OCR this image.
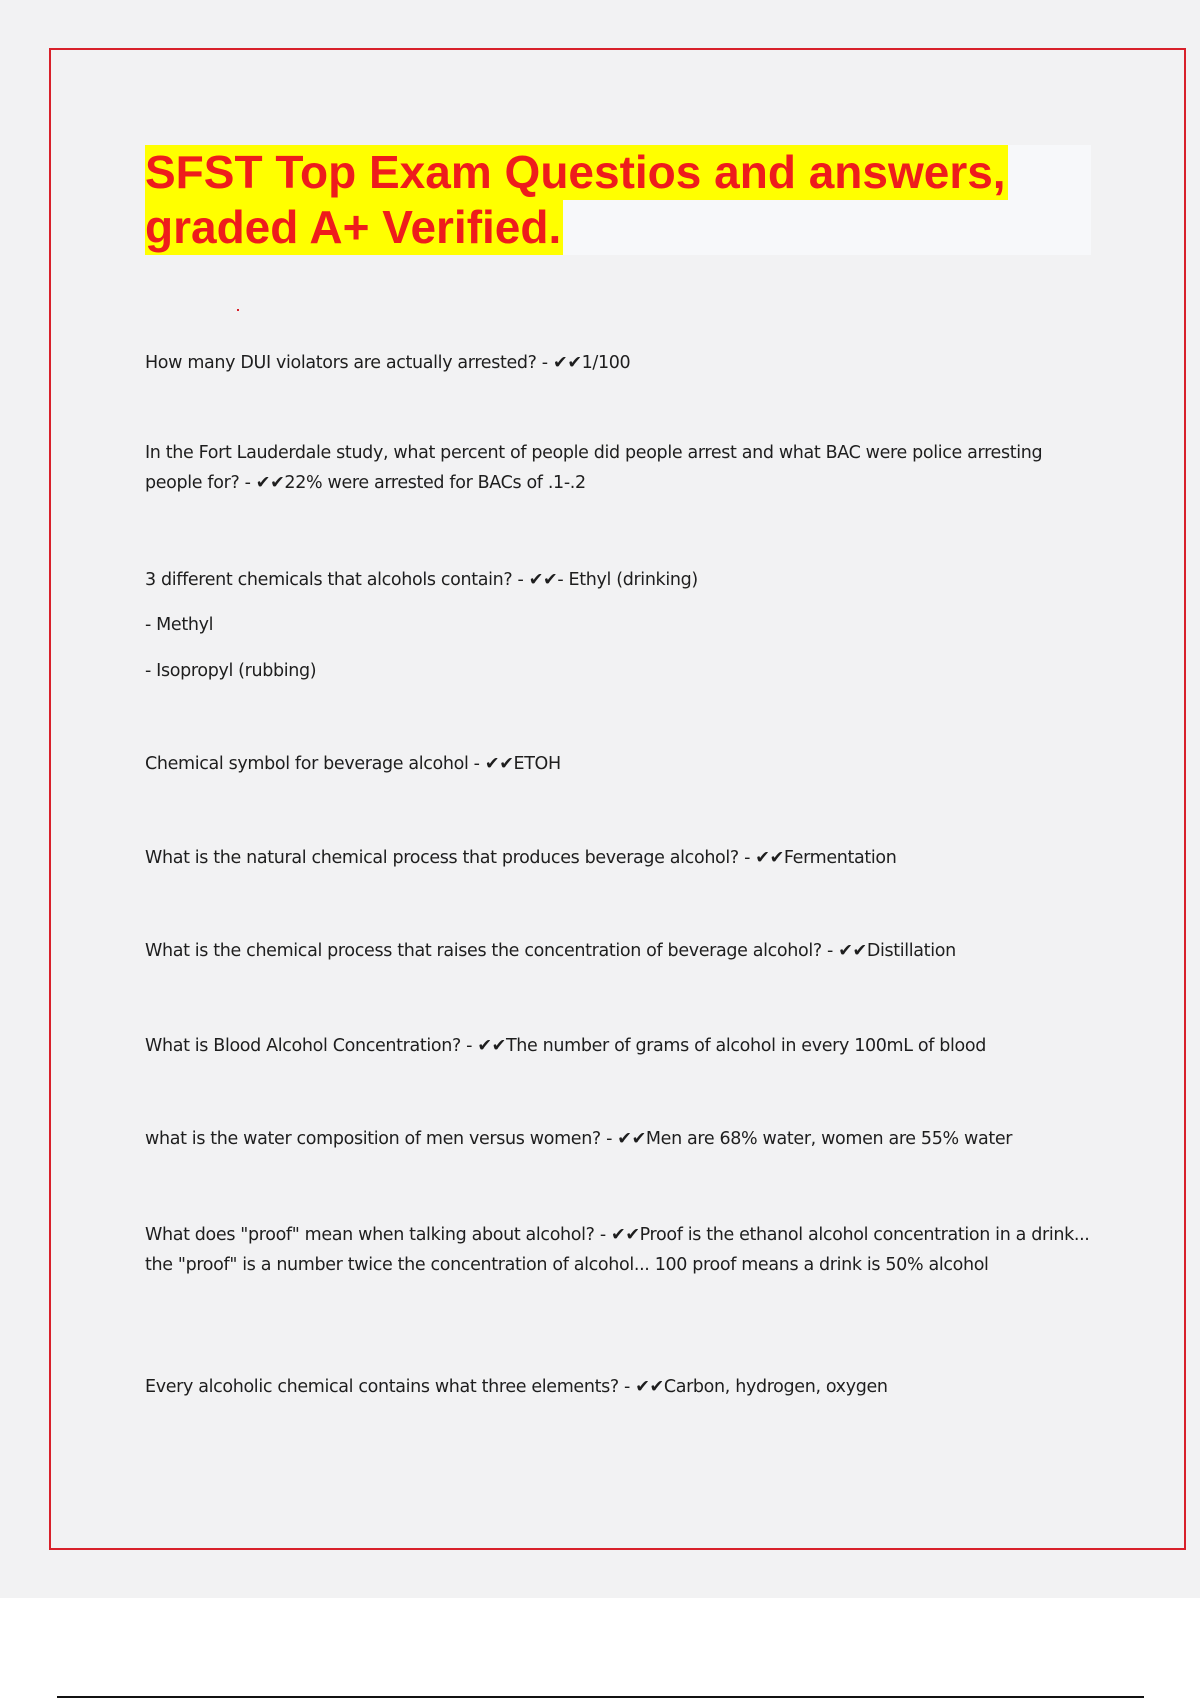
SFST Top Exam Questios and answers,
graded A+ Verified.
How many DUI violators are actually arrested? - ✔✔1/100
In the Fort Lauderdale study, what percent of people did people arrest and what BAC were police arresting people for? - ✔✔22% were arrested for BACs of .1-.2
3 different chemicals that alcohols contain? - ✔✔- Ethyl (drinking)
- Methyl
- Isopropyl (rubbing)
Chemical symbol for beverage alcohol - ✔✔ETOH
What is the natural chemical process that produces beverage alcohol? - ✔✔Fermentation
What is the chemical process that raises the concentration of beverage alcohol? - ✔✔Distillation
What is Blood Alcohol Concentration? - ✔✔The number of grams of alcohol in every 100mL of blood
what is the water composition of men versus women? - ✔✔Men are 68% water, women are 55% water
What does "proof" mean when talking about alcohol? - ✔✔Proof is the ethanol alcohol concentration in a drink... the "proof" is a number twice the concentration of alcohol... 100 proof means a drink is 50% alcohol
Every alcoholic chemical contains what three elements? - ✔✔Carbon, hydrogen, oxygen
